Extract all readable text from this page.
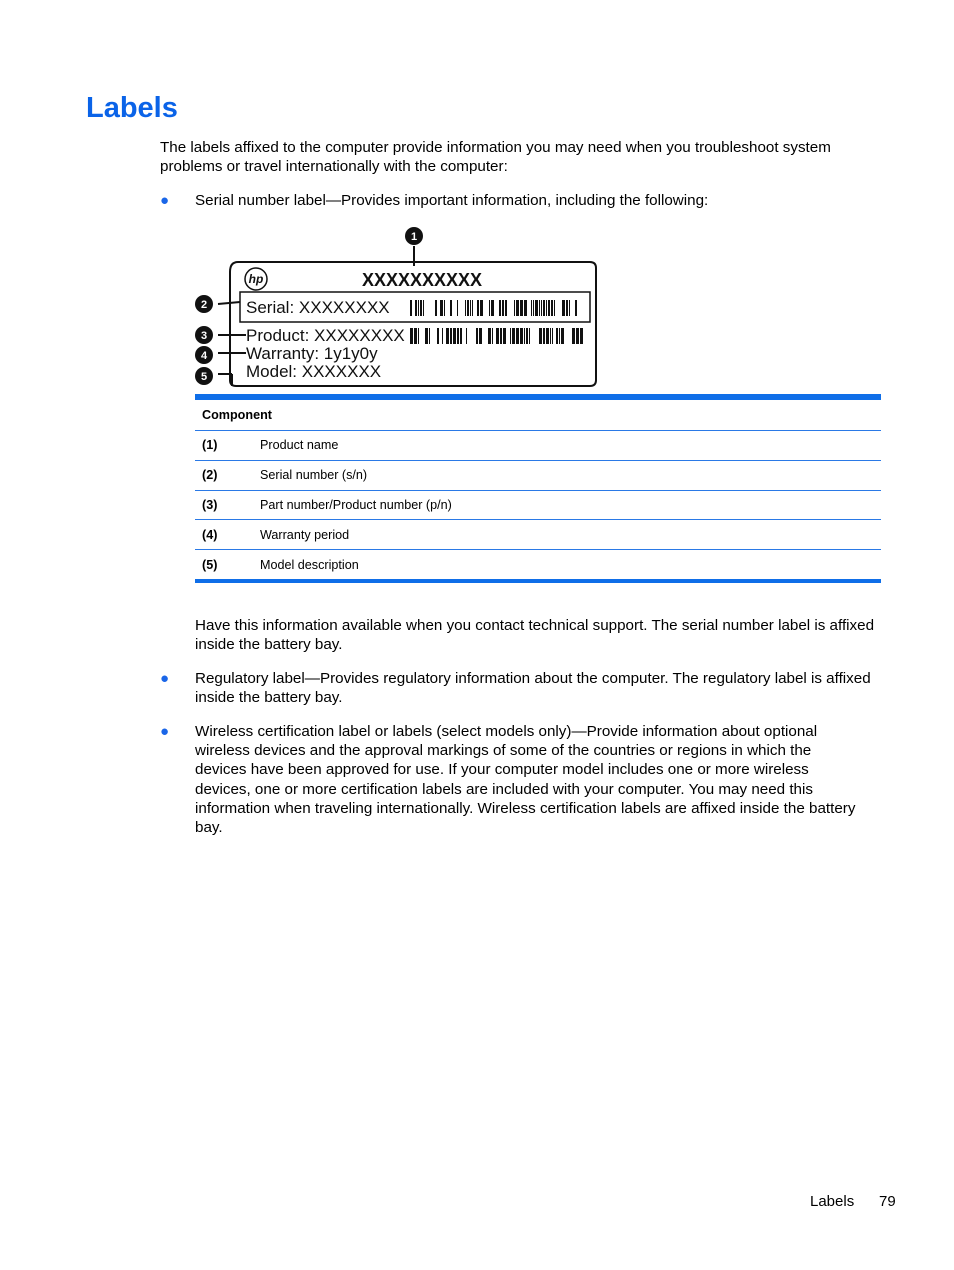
Labels

The labels affixed to the computer provide information you may need when you troubleshoot system problems or travel internationally with the computer:

● Serial number label—Provides important information, including the following:

hp	XXXXXXXXXX
Serial: XXXXXXXX
Product: XXXXXXXX
Warranty: 1y1y0y
Model: XXXXXXX
1
2
3
4
5
Component	
(1)	Product name
(2)	Serial number (s/n)
(3)	Part number/Product number (p/n)
(4)	Warranty period
(5)	Model description

Have this information available when you contact technical support. The serial number label is affixed inside the battery bay.

● Regulatory label—Provides regulatory information about the computer. The regulatory label is affixed inside the battery bay.

● Wireless certification label or labels (select models only)—Provide information about optional wireless devices and the approval markings of some of the countries or regions in which the devices have been approved for use. If your computer model includes one or more wireless devices, one or more certification labels are included with your computer. You may need this information when traveling internationally. Wireless certification labels are affixed inside the battery bay.

Labels 79
